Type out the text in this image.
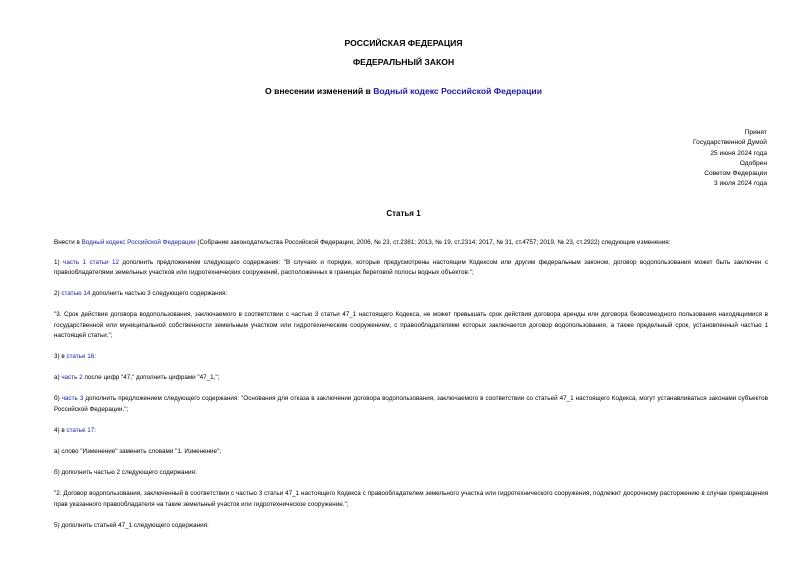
РОССИЙСКАЯ ФЕДЕРАЦИЯ
ФЕДЕРАЛЬНЫЙ ЗАКОН
О внесении изменений в Водный кодекс Российской Федерации
Принят
Государственной Думой
25 июня 2024 года
Одобрен
Советом Федерации
3 июля 2024 года
Статья 1

Внести в Водный кодекс Российской Федерации (Собрание законодательства Российской Федерации, 2006, № 23, ст.2381; 2013, № 19, ст.2314; 2017, № 31, ст.4757; 2019, № 23, ст.2922) следующие изменения:

1) часть 1 статьи 12 дополнить предложением следующего содержания: "В случаях и порядке, которые предусмотрены настоящим Кодексом или другим федеральным законом, договор водопользования может быть заключен с правообладателями земельных участков или гидротехнических сооружений, расположенных в границах береговой полосы водных объектов.";

2) статью 14 дополнить частью 3 следующего содержания:

"3. Срок действия договора водопользования, заключаемого в соответствии с частью 3 статьи 47_1 настоящего Кодекса, не может превышать срок действия договора аренды или договора безвозмездного пользования находящимися в государственной или муниципальной собственности земельным участком или гидротехническим сооружением, с правообладателями которых заключается договор водопользования, а также предельный срок, установленный частью 1 настоящей статьи.";

3) в статье 16:

а) часть 2 после цифр "47," дополнить цифрами "47_1,";

б) часть 3 дополнить предложением следующего содержания: "Основания для отказа в заключении договора водопользования, заключаемого в соответствии со статьей 47_1 настоящего Кодекса, могут устанавливаться законами субъектов Российской Федерации.";

4) в статье 17:

а) слово "Изменение" заменить словами "1. Изменение";

б) дополнить частью 2 следующего содержания:

"2. Договор водопользования, заключенный в соответствии с частью 3 статьи 47_1 настоящего Кодекса с правообладателем земельного участка или гидротехнического сооружения, подлежит досрочному расторжению в случае прекращения прав указанного правообладателя на такие земельный участок или гидротехническое сооружение.";

5) дополнить статьей 47_1 следующего содержания:
